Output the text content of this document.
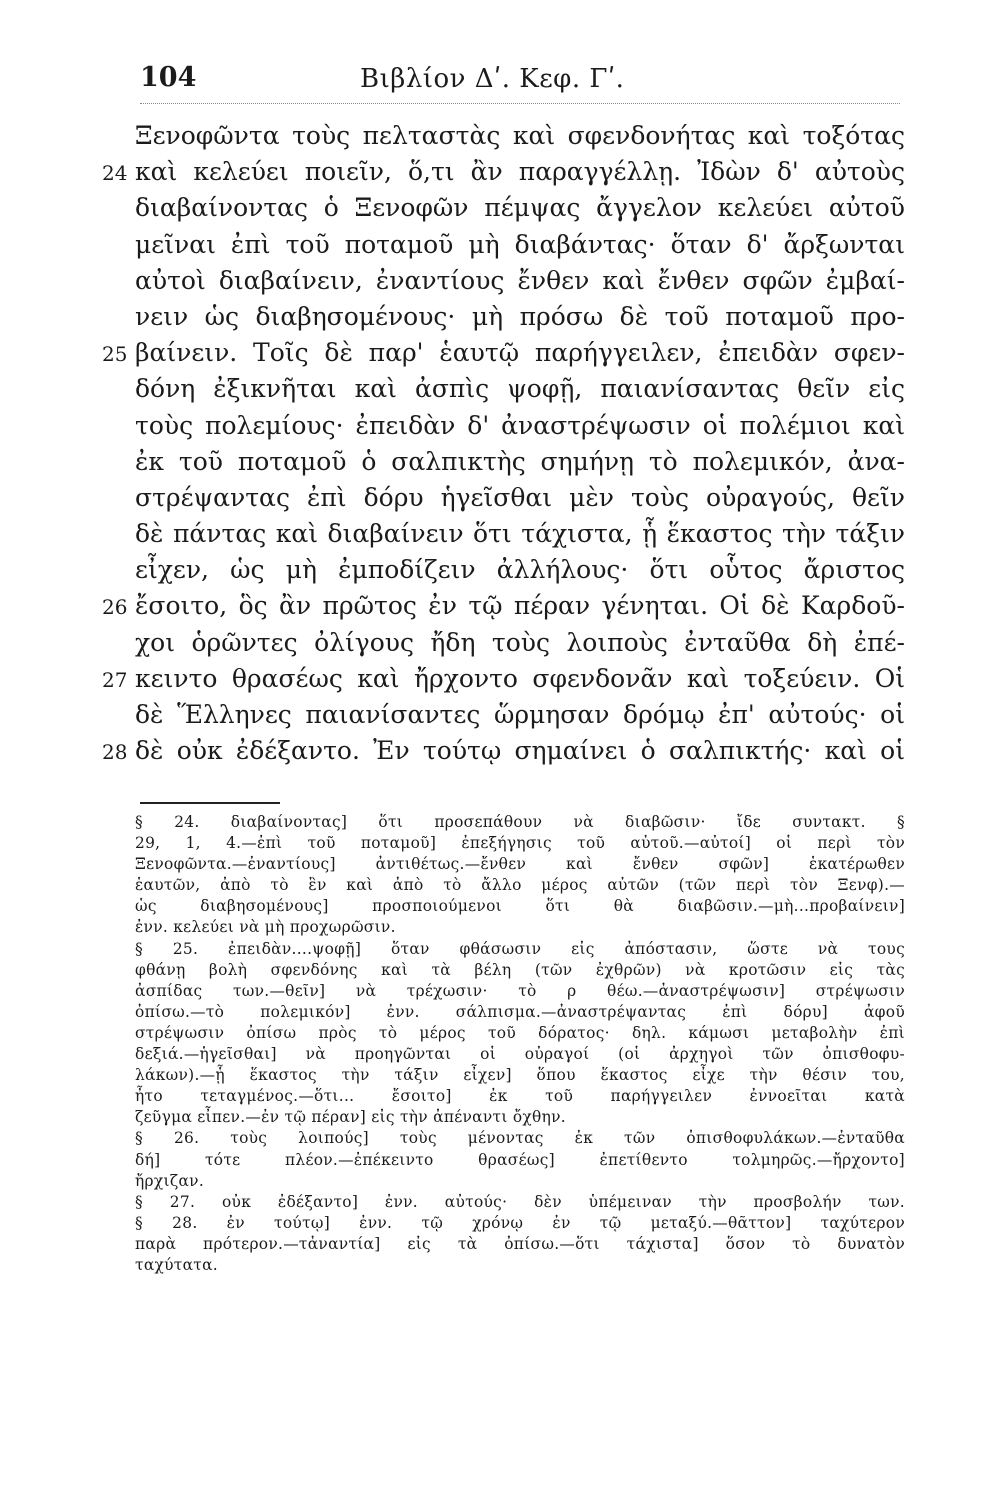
104	Βιβλίον Δʹ. Κεφ. Γʹ.
Ξενοφῶντα τοὺς πελταστὰς καὶ σφενδονήτας καὶ τοξότας
24 καὶ κελεύει ποιεῖν, ὅ,τι ἂν παραγγέλλῃ. Ἰδὼν δ' αὐτοὺς
διαβαίνοντας ὁ Ξενοφῶν πέμψας ἄγγελον κελεύει αὐτοῦ
μεῖναι ἐπὶ τοῦ ποταμοῦ μὴ διαβάντας· ὅταν δ' ἄρξωνται
αὐτοὶ διαβαίνειν, ἐναντίους ἔνθεν καὶ ἔνθεν σφῶν ἐμβαί-
νειν ὡς διαβησομένους· μὴ πρόσω δὲ τοῦ ποταμοῦ προ-
25 βαίνειν. Τοῖς δὲ παρ' ἑαυτῷ παρήγγειλεν, ἐπειδὰν σφεν-
δόνη ἐξικνῆται καὶ ἀσπὶς ψοφῇ, παιανίσαντας θεῖν εἰς
τοὺς πολεμίους· ἐπειδὰν δ' ἀναστρέψωσιν οἱ πολέμιοι καὶ
ἐκ τοῦ ποταμοῦ ὁ σαλπικτὴς σημήνῃ τὸ πολεμικόν, ἀνα-
στρέψαντας ἐπὶ δόρυ ἡγεῖσθαι μὲν τοὺς οὐραγούς, θεῖν
δὲ πάντας καὶ διαβαίνειν ὅτι τάχιστα, ᾗ ἕκαστος τὴν τάξιν
εἶχεν, ὡς μὴ ἐμποδίζειν ἀλλήλους· ὅτι οὗτος ἄριστος
26 ἔσοιτο, ὃς ἂν πρῶτος ἐν τῷ πέραν γένηται. Οἱ δὲ Καρδοῦ-
χοι ὁρῶντες ὀλίγους ἤδη τοὺς λοιποὺς ἐνταῦθα δὴ ἐπέ-
27 κειντο θρασέως καὶ ἤρχοντο σφενδονᾶν καὶ τοξεύειν. Οἱ
δὲ Ἕλληνες παιανίσαντες ὥρμησαν δρόμῳ ἐπ' αὐτούς· οἱ
28 δὲ οὐκ ἐδέξαντο. Ἐν τούτῳ σημαίνει ὁ σαλπικτής· καὶ οἱ
§ 24. διαβαίνοντας] ὅτι προσεπάθουν νὰ διαβῶσιν· ἴδε συντακτ. §
29, 1, 4.—ἐπὶ τοῦ ποταμοῦ] ἐπεξήγησις τοῦ αὐτοῦ.—αὐτοί] οἱ περὶ τὸν
Ξενοφῶντα.—ἐναντίους] ἀντιθέτως.—ἔνθεν καὶ ἔνθεν σφῶν] ἑκατέρωθεν
ἑαυτῶν, ἀπὸ τὸ ἓν καὶ ἀπὸ τὸ ἄλλο μέρος αὐτῶν (τῶν περὶ τὸν Ξενφ).—
ὡς διαβησομένους] προσποιούμενοι ὅτι θὰ διαβῶσιν.—μὴ...προβαίνειν]
ἐνν. κελεύει νὰ μὴ προχωρῶσιν.
§ 25. ἐπειδὰν....ψοφῇ] ὅταν φθάσωσιν εἰς ἀπόστασιν, ὥστε νὰ τους
φθάνῃ βολὴ σφενδόνης καὶ τὰ βέλη (τῶν ἐχθρῶν) νὰ κροτῶσιν εἰς τὰς
ἀσπίδας των.—θεῖν] νὰ τρέχωσιν· τὸ ρ θέω.—ἀναστρέψωσιν] στρέψωσιν
ὀπίσω.—τὸ πολεμικόν] ἐνν. σάλπισμα.—ἀναστρέψαντας ἐπὶ δόρυ] ἀφοῦ
στρέψωσιν ὀπίσω πρὸς τὸ μέρος τοῦ δόρατος· δηλ. κάμωσι μεταβολὴν ἐπὶ
δεξιά.—ἡγεῖσθαι] νὰ προηγῶνται οἱ οὐραγοί (οἱ ἀρχηγοὶ τῶν ὀπισθοφυ-
λάκων).—ᾗ ἕκαστος τὴν τάξιν εἶχεν] ὅπου ἕκαστος εἶχε τὴν θέσιν του,
ἦτο τεταγμένος.—ὅτι... ἔσοιτο] ἐκ τοῦ παρήγγειλεν ἐννοεῖται κατὰ
ζεῦγμα εἶπεν.—ἐν τῷ πέραν] εἰς τὴν ἀπέναντι ὄχθην.
§ 26. τοὺς λοιπούς] τοὺς μένοντας ἐκ τῶν ὀπισθοφυλάκων.—ἐνταῦθα
δή] τότε πλέον.—ἐπέκειντο θρασέως] ἐπετίθεντο τολμηρῶς.—ἤρχοντο]
ἤρχιζαν.
§ 27. οὐκ ἐδέξαντο] ἐνν. αὐτούς· δὲν ὑπέμειναν τὴν προσβολήν των.
§ 28. ἐν τούτῳ] ἐνν. τῷ χρόνῳ ἐν τῷ μεταξύ.—θᾶττον] ταχύτερον
παρὰ πρότερον.—τἀναντία] εἰς τὰ ὀπίσω.—ὅτι τάχιστα] ὅσον τὸ δυνατὸν
ταχύτατα.
